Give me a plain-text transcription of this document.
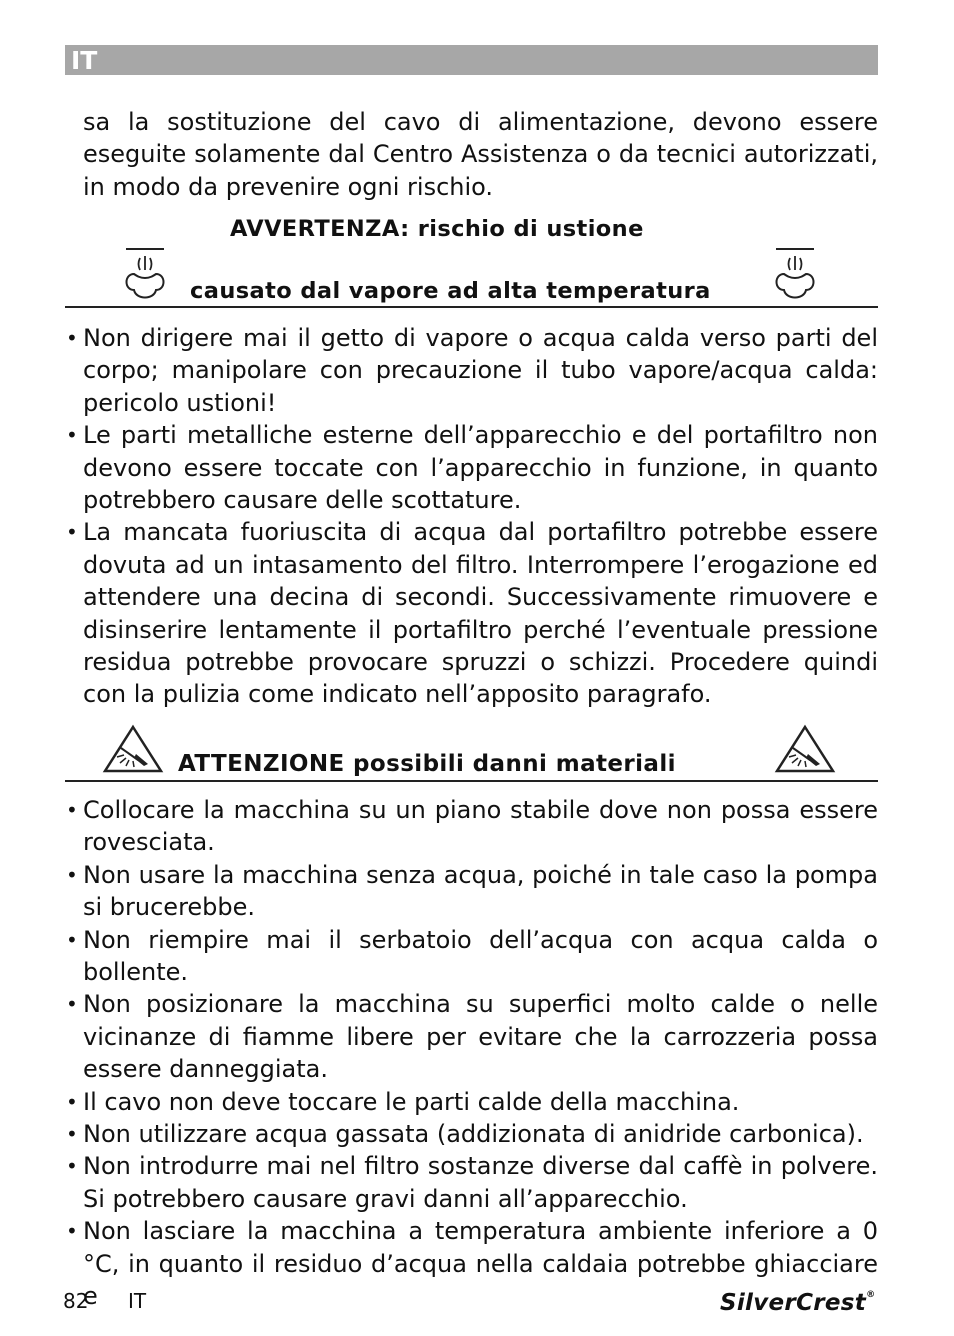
IT

sa la sostituzione del cavo di alimentazione, devono essere eseguite solamente dal Centro Assistenza o da tecnici autorizzati, in modo da prevenire ogni rischio.

AVVERTENZA: rischio di ustione
causato dal vapore ad alta temperatura
• Non dirigere mai il getto di vapore o acqua calda verso parti del corpo; manipolare con precauzione il tubo vapore/acqua calda: pericolo ustioni!
• Le parti metalliche esterne dell’apparecchio e del portafiltro non devono essere toccate con l’apparecchio in funzione, in quanto potrebbero causare delle scottature.
• La mancata fuoriuscita di acqua dal portafiltro potrebbe essere dovuta ad un intasamento del filtro. Interrompere l’erogazione ed attendere una decina di secondi. Successivamente rimuovere e disinserire lentamente il portafiltro perché l’eventuale pressione residua potrebbe provocare spruzzi o schizzi. Procedere quindi con la pulizia come indicato nell’apposito paragrafo.
ATTENZIONE possibili danni materiali
• Collocare la macchina su un piano stabile dove non possa essere rovesciata.
• Non usare la macchina senza acqua, poiché in tale caso la pompa si brucerebbe.
• Non riempire mai il serbatoio dell’acqua con acqua calda o bollente.
• Non posizionare la macchina su superfici molto calde o nelle vicinanze di fiamme libere per evitare che la carrozzeria possa essere danneggiata.
• Il cavo non deve toccare le parti calde della macchina.
• Non utilizzare acqua gassata (addizionata di anidride carbonica).
• Non introdurre mai nel filtro sostanze diverse dal caffè in polvere. Si potrebbero causare gravi danni all’apparecchio.
• Non lasciare la macchina a temperatura ambiente inferiore a 0 °C, in quanto il residuo d’acqua nella caldaia potrebbe ghiacciare e
82 IT	SilverCrest®
